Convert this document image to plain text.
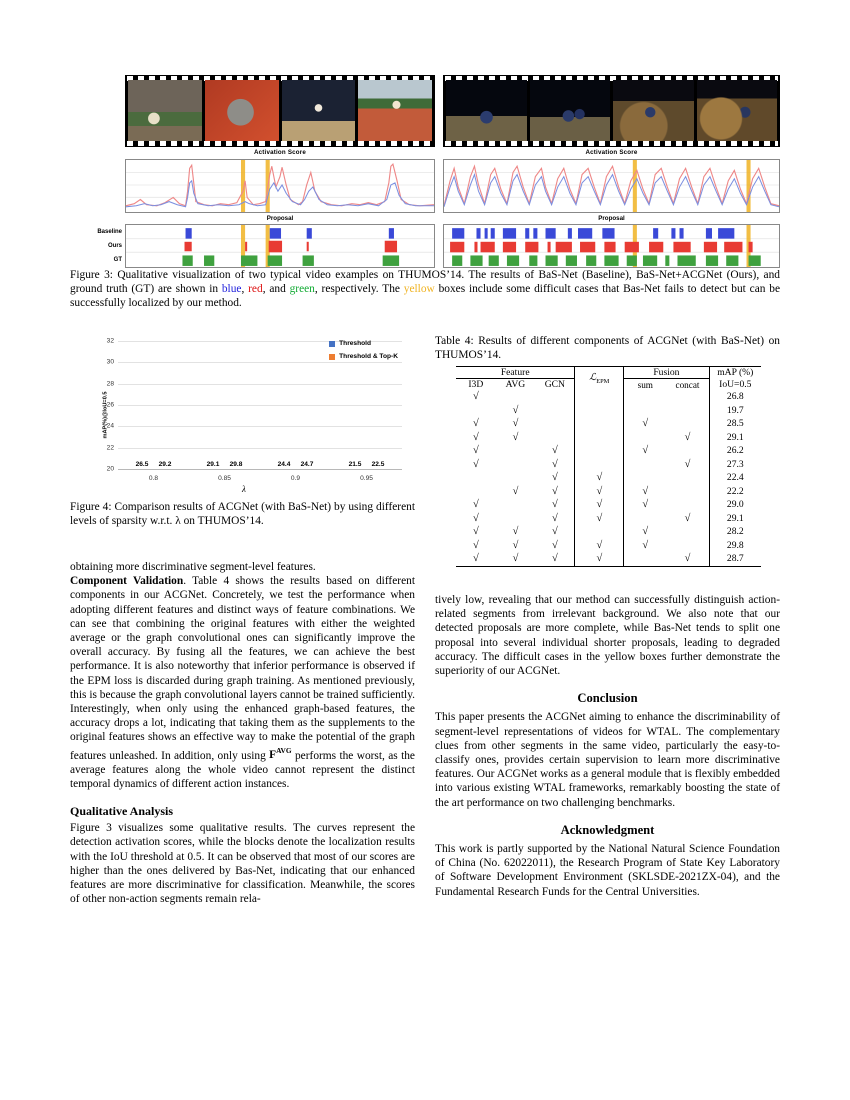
Activation Score
Proposal
Baseline
Ours
GT
Activation Score
Proposal
Figure 3: Qualitative visualization of two typical video examples on THUMOS’14. The results of BaS-Net (Baseline), BaS-Net+ACGNet (Ours), and ground truth (GT) are shown in blue, red, and green, respectively. The yellow boxes include some difficult cases that Bas-Net fails to detect but can be successfully localized by our method.
mAP(%)@IoU=0.5
20
22
24
26
28
30
32
26.5 29.2	29.1 29.8	24.4 24.7	21.5 22.5
0.8	0.85	0.9	0.95
λ
Threshold
Threshold & Top-K
Figure 4: Comparison results of ACGNet (with BaS-Net) by using different levels of sparsity w.r.t. λ on THUMOS’14.
Table 4: Results of different components of ACGNet (with BaS-Net) on THUMOS’14.
Feature			ℒ$_{EPM}$	Fusion		mAP (%)
I3D	AVG	GCN		sum	concat	IoU=0.5
√						26.8
	√					19.7
√	√			√		28.5
√	√				√	29.1
√		√		√		26.2
√		√			√	27.3
		√	√			22.4
	√	√	√	√		22.2
√		√	√	√		29.0
√		√	√		√	29.1
√	√	√		√		28.2
√	√	√	√	√		29.8
√	√	√	√		√	28.7

obtaining more discriminative segment-level features.

Component Validation. Table 4 shows the results based on different components in our ACGNet. Concretely, we test the performance when adopting different features and distinct ways of feature combinations. We can see that combining the original features with either the weighted average or the graph convolutional ones can significantly improve the overall accuracy. By fusing all the features, we can achieve the best performance. It is also noteworthy that inferior performance is observed if the EPM loss is discarded during graph training. As mentioned previously, this is because the graph convolutional layers cannot be trained sufficiently. Interestingly, when only using the enhanced graph-based features, the accuracy drops a lot, indicating that taking them as the supplements to the original features shows an effective way to make the potential of the graph features unleashed. In addition, only using $F^{AVG}$ performs the worst, as the average features along the whole video cannot represent the distinct temporal dynamics of different action instances.

Qualitative Analysis

Figure 3 visualizes some qualitative results. The curves represent the detection activation scores, while the blocks denote the localization results with the IoU threshold at 0.5. It can be observed that most of our scores are higher than the ones delivered by Bas-Net, indicating that our enhanced features are more discriminative for classification. Meanwhile, the scores of other non-action segments remain rela-

tively low, revealing that our method can successfully distinguish action-related segments from irrelevant background. We also note that our detected proposals are more complete, while Bas-Net tends to split one proposal into several individual shorter proposals, leading to degraded accuracy. The difficult cases in the yellow boxes further demonstrate the superiority of our ACGNet.

Conclusion

This paper presents the ACGNet aiming to enhance the discriminability of segment-level representations of videos for WTAL. The complementary clues from other segments in the same video, particularly the easy-to-classify ones, provides certain supervision to learn more discriminative features. Our ACGNet works as a general module that is flexibly embedded into various existing WTAL frameworks, remarkably boosting the state of the art performance on two challenging benchmarks.

Acknowledgment

This work is partly supported by the National Natural Science Foundation of China (No. 62022011), the Research Program of State Key Laboratory of Software Development Environment (SKLSDE-2021ZX-04), and the Fundamental Research Funds for the Central Universities.
